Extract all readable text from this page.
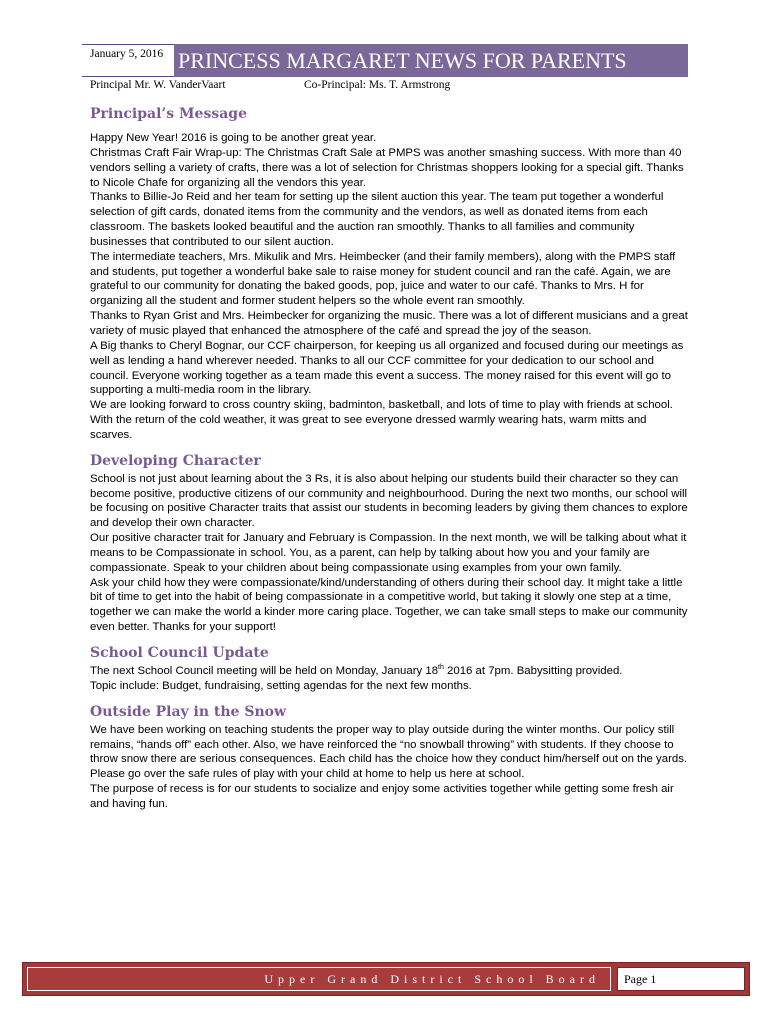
January 5, 2016 PRINCESS MARGARET NEWS FOR PARENTS
Principal Mr. W. VanderVaart	Co-Principal: Ms. T. Armstrong
Principal’s Message

Happy New Year! 2016 is going to be another great year.

Christmas Craft Fair Wrap-up: The Christmas Craft Sale at PMPS was another smashing success. With more than 40 vendors selling a variety of crafts, there was a lot of selection for Christmas shoppers looking for a special gift. Thanks to Nicole Chafe for organizing all the vendors this year.

Thanks to Billie-Jo Reid and her team for setting up the silent auction this year. The team put together a wonderful selection of gift cards, donated items from the community and the vendors, as well as donated items from each classroom. The baskets looked beautiful and the auction ran smoothly. Thanks to all families and community businesses that contributed to our silent auction.

The intermediate teachers, Mrs. Mikulik and Mrs. Heimbecker (and their family members), along with the PMPS staff and students, put together a wonderful bake sale to raise money for student council and ran the café. Again, we are grateful to our community for donating the baked goods, pop, juice and water to our café. Thanks to Mrs. H for organizing all the student and former student helpers so the whole event ran smoothly.

Thanks to Ryan Grist and Mrs. Heimbecker for organizing the music. There was a lot of different musicians and a great variety of music played that enhanced the atmosphere of the café and spread the joy of the season.

A Big thanks to Cheryl Bognar, our CCF chairperson, for keeping us all organized and focused during our meetings as well as lending a hand wherever needed. Thanks to all our CCF committee for your dedication to our school and council. Everyone working together as a team made this event a success. The money raised for this event will go to supporting a multi-media room in the library.

We are looking forward to cross country skiing, badminton, basketball, and lots of time to play with friends at school. With the return of the cold weather, it was great to see everyone dressed warmly wearing hats, warm mitts and scarves.

Developing Character

School is not just about learning about the 3 Rs, it is also about helping our students build their character so they can become positive, productive citizens of our community and neighbourhood. During the next two months, our school will be focusing on positive Character traits that assist our students in becoming leaders by giving them chances to explore and develop their own character.

Our positive character trait for January and February is Compassion. In the next month, we will be talking about what it means to be Compassionate in school. You, as a parent, can help by talking about how you and your family are compassionate. Speak to your children about being compassionate using examples from your own family.

Ask your child how they were compassionate/kind/understanding of others during their school day. It might take a little bit of time to get into the habit of being compassionate in a competitive world, but taking it slowly one step at a time, together we can make the world a kinder more caring place. Together, we can take small steps to make our community even better. Thanks for your support!

School Council Update

The next School Council meeting will be held on Monday, January 18th 2016 at 7pm. Babysitting provided.

Topic include: Budget, fundraising, setting agendas for the next few months.

Outside Play in the Snow

We have been working on teaching students the proper way to play outside during the winter months. Our policy still remains, “hands off” each other. Also, we have reinforced the “no snowball throwing” with students. If they choose to throw snow there are serious consequences. Each child has the choice how they conduct him/herself out on the yards. Please go over the safe rules of play with your child at home to help us here at school.

The purpose of recess is for our students to socialize and enjoy some activities together while getting some fresh air and having fun.

Upper Grand District School Board	Page 1
